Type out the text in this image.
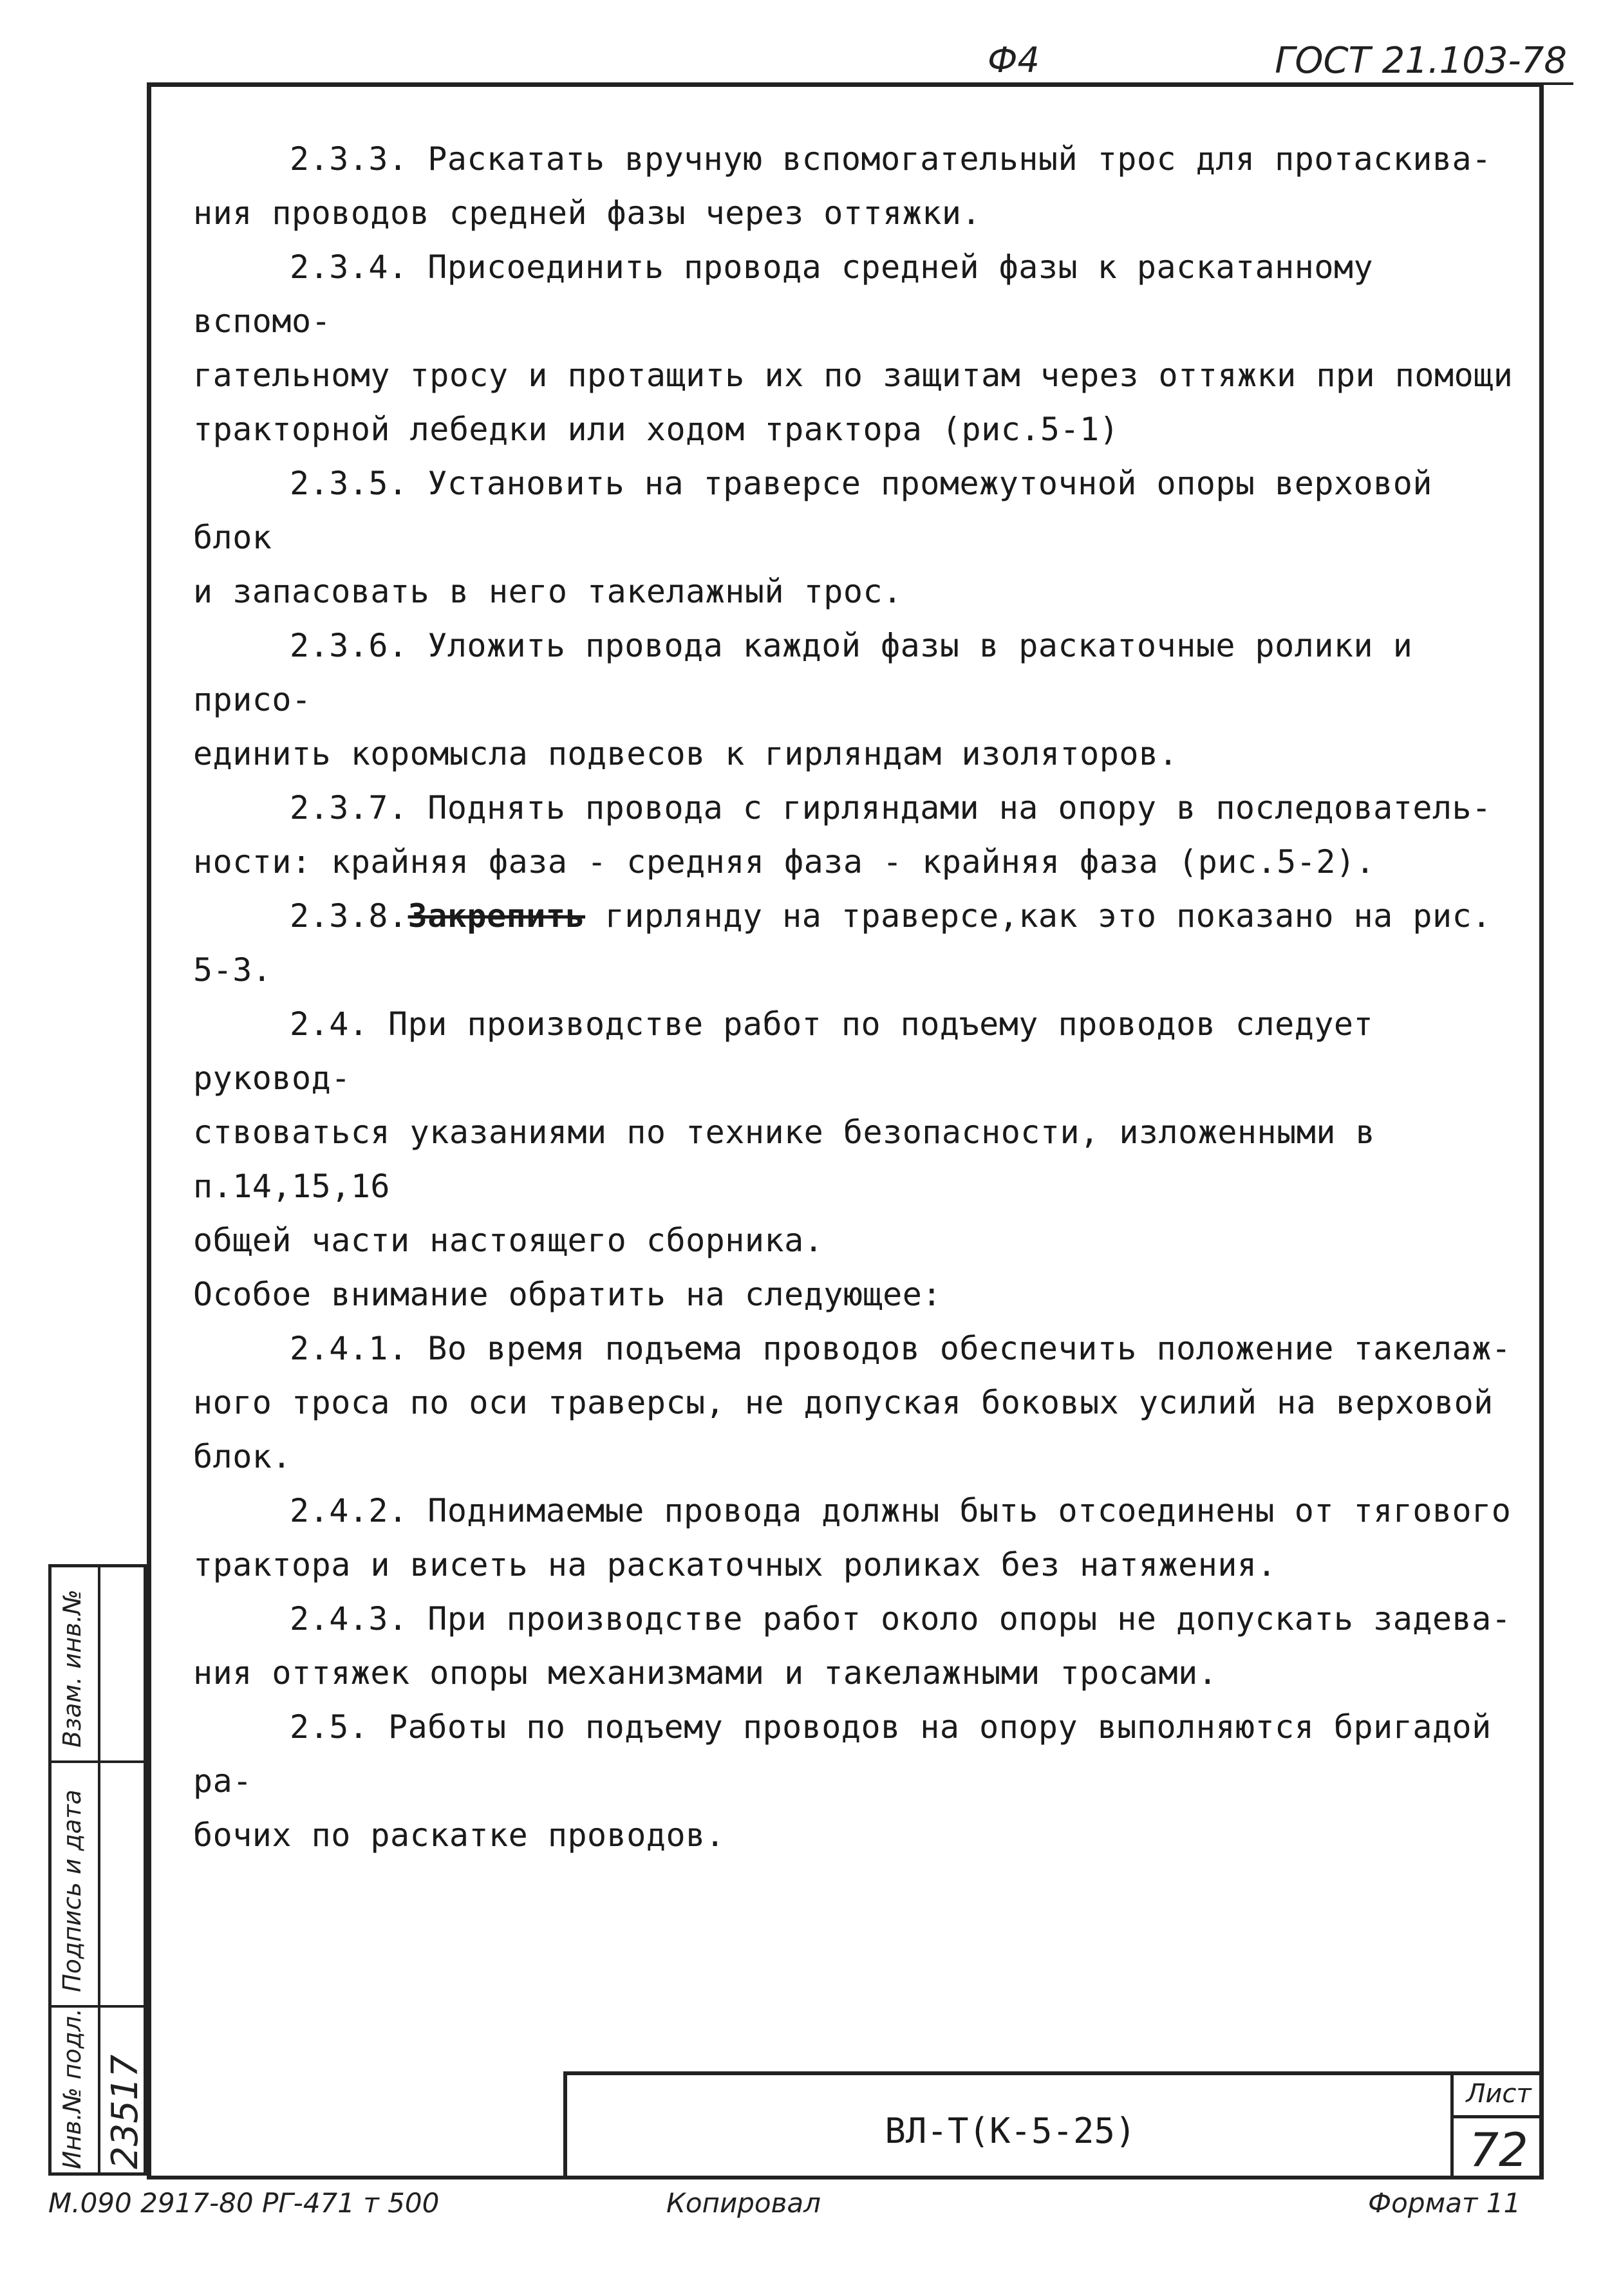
Ф4	ГОСТ 21.103-78

2.3.3. Раскатать вручную вспомогательный трос для протаскива-
ния проводов средней фазы через оттяжки.

2.3.4. Присоединить провода средней фазы к раскатанному вспомо-
гательному тросу и протащить их по защитам через оттяжки при помощи
тракторной лебедки или ходом трактора (рис.5-1)

2.3.5. Установить на траверсе промежуточной опоры верховой блок
и запасовать в него такелажный трос.

2.3.6. Уложить провода каждой фазы в раскаточные ролики и присо-
единить коромысла подвесов к гирляндам изоляторов.

2.3.7. Поднять провода с гирляндами на опору в последователь-
ности: крайняя фаза - средняя фаза - крайняя фаза (рис.5-2).

2.3.8.Закрепить гирлянду на траверсе,как это показано на рис.
5-3.

2.4. При производстве работ по подъему проводов следует руковод-
ствоваться указаниями по технике безопасности, изложенными в п.14,15,16
общей части настоящего сборника.

Особое внимание обратить на следующее:

2.4.1. Во время подъема проводов обеспечить положение такелаж-
ного троса по оси траверсы, не допуская боковых усилий на верховой
блок.

2.4.2. Поднимаемые провода должны быть отсоединены от тягового
трактора и висеть на раскаточных роликах без натяжения.

2.4.3. При производстве работ около опоры не допускать задева-
ния оттяжек опоры механизмами и такелажными тросами.

2.5. Работы по подъему проводов на опору выполняются бригадой ра-
бочих по раскатке проводов.

ВЛ-Т(К-5-25)
Лист
72
Взам. инв.№
Подпись и дата
Инв.№ подл. 23517
М.090 2917-80 РГ-471 т 500	Копировал	Формат 11
